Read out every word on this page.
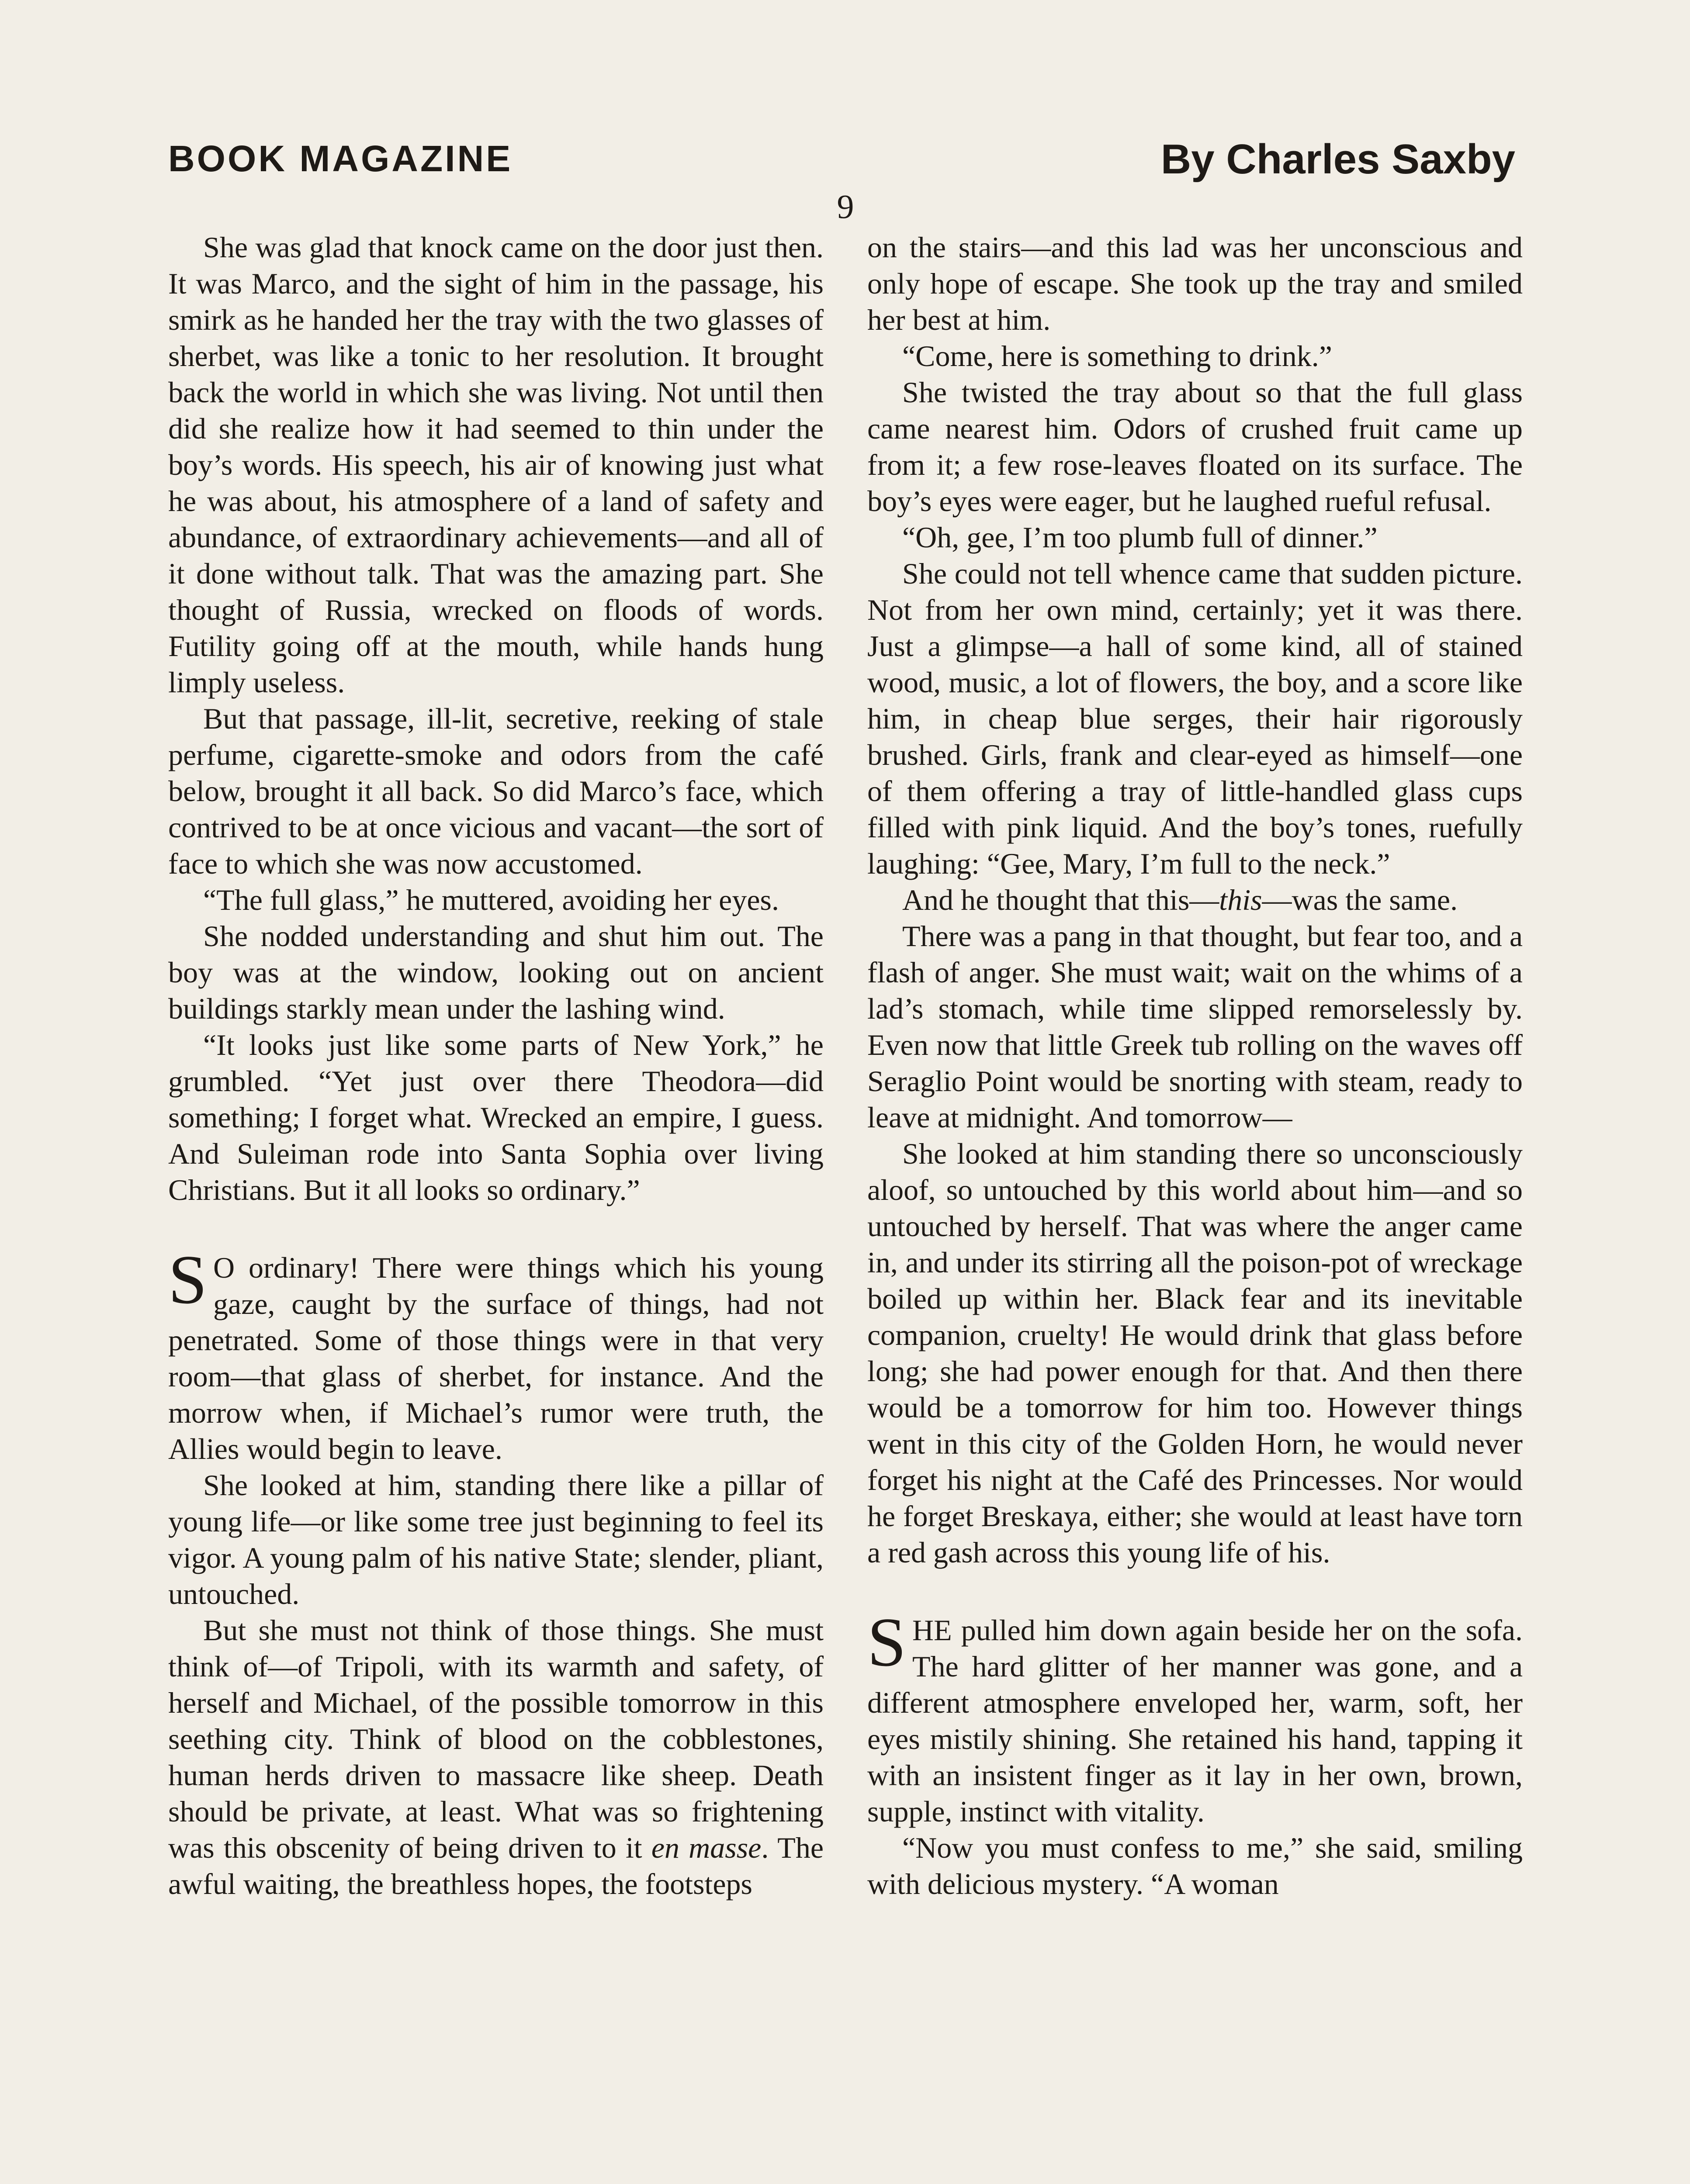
BOOK MAGAZINE	By Charles Saxby
9

She was glad that knock came on the door just then. It was Marco, and the sight of him in the passage, his smirk as he handed her the tray with the two glasses of sherbet, was like a tonic to her resolution. It brought back the world in which she was living. Not until then did she realize how it had seemed to thin under the boy’s words. His speech, his air of knowing just what he was about, his atmosphere of a land of safety and abundance, of extraordinary achievements—and all of it done without talk. That was the amazing part. She thought of Russia, wrecked on floods of words. Futility going off at the mouth, while hands hung limply useless.

But that passage, ill-lit, secretive, reeking of stale perfume, cigarette-smoke and odors from the café below, brought it all back. So did Marco’s face, which contrived to be at once vicious and vacant—the sort of face to which she was now accustomed.

“The full glass,” he muttered, avoiding her eyes.

She nodded understanding and shut him out. The boy was at the window, looking out on ancient buildings starkly mean under the lashing wind.

“It looks just like some parts of New York,” he grumbled. “Yet just over there Theodora—did something; I forget what. Wrecked an empire, I guess. And Suleiman rode into Santa Sophia over living Christians. But it all looks so ordinary.”

S O ordinary! There were things which his young gaze, caught by the surface of things, had not penetrated. Some of those things were in that very room—that glass of sherbet, for instance. And the morrow when, if Michael’s rumor were truth, the Allies would begin to leave.

She looked at him, standing there like a pillar of young life—or like some tree just beginning to feel its vigor. A young palm of his native State; slender, pliant, untouched.

But she must not think of those things. She must think of—of Tripoli, with its warmth and safety, of herself and Michael, of the possible tomorrow in this seething city. Think of blood on the cobblestones, human herds driven to massacre like sheep. Death should be private, at least. What was so frightening was this obscenity of being driven to it en masse. The awful waiting, the breathless hopes, the footsteps

on the stairs—and this lad was her unconscious and only hope of escape. She took up the tray and smiled her best at him.

“Come, here is something to drink.”

She twisted the tray about so that the full glass came nearest him. Odors of crushed fruit came up from it; a few rose-leaves floated on its surface. The boy’s eyes were eager, but he laughed rueful refusal.

“Oh, gee, I’m too plumb full of dinner.”

She could not tell whence came that sudden picture. Not from her own mind, certainly; yet it was there. Just a glimpse—a hall of some kind, all of stained wood, music, a lot of flowers, the boy, and a score like him, in cheap blue serges, their hair rigorously brushed. Girls, frank and clear-eyed as himself—one of them offering a tray of little-handled glass cups filled with pink liquid. And the boy’s tones, ruefully laughing: “Gee, Mary, I’m full to the neck.”

And he thought that this—this—was the same.

There was a pang in that thought, but fear too, and a flash of anger. She must wait; wait on the whims of a lad’s stomach, while time slipped remorselessly by. Even now that little Greek tub rolling on the waves off Seraglio Point would be snorting with steam, ready to leave at midnight. And tomorrow—

She looked at him standing there so unconsciously aloof, so untouched by this world about him—and so untouched by herself. That was where the anger came in, and under its stirring all the poison-pot of wreckage boiled up within her. Black fear and its inevitable companion, cruelty! He would drink that glass before long; she had power enough for that. And then there would be a tomorrow for him too. However things went in this city of the Golden Horn, he would never forget his night at the Café des Princesses. Nor would he forget Breskaya, either; she would at least have torn a red gash across this young life of his.

SHE pulled him down again beside her on the sofa. The hard glitter of her manner was gone, and a different atmosphere enveloped her, warm, soft, her eyes mistily shining. She retained his hand, tapping it with an insistent finger as it lay in her own, brown, supple, instinct with vitality.

“Now you must confess to me,” she said, smiling with delicious mystery. “A woman
